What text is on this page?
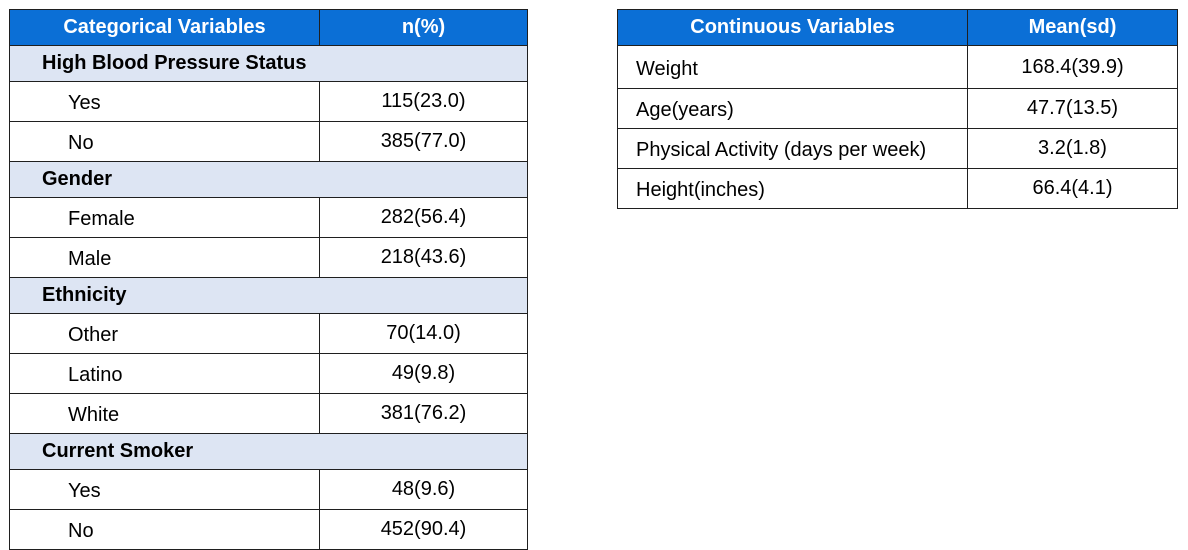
Categorical Variables	n(%)
High Blood Pressure Status	
Yes	115(23.0)
No	385(77.0)
Gender	
Female	282(56.4)
Male	218(43.6)
Ethnicity	
Other	70(14.0)
Latino	49(9.8)
White	381(76.2)
Current Smoker	
Yes	48(9.6)
No	452(90.4)
Continuous Variables	Mean(sd)
Weight	168.4(39.9)
Age(years)	47.7(13.5)
Physical Activity (days per week)	3.2(1.8)
Height(inches)	66.4(4.1)
